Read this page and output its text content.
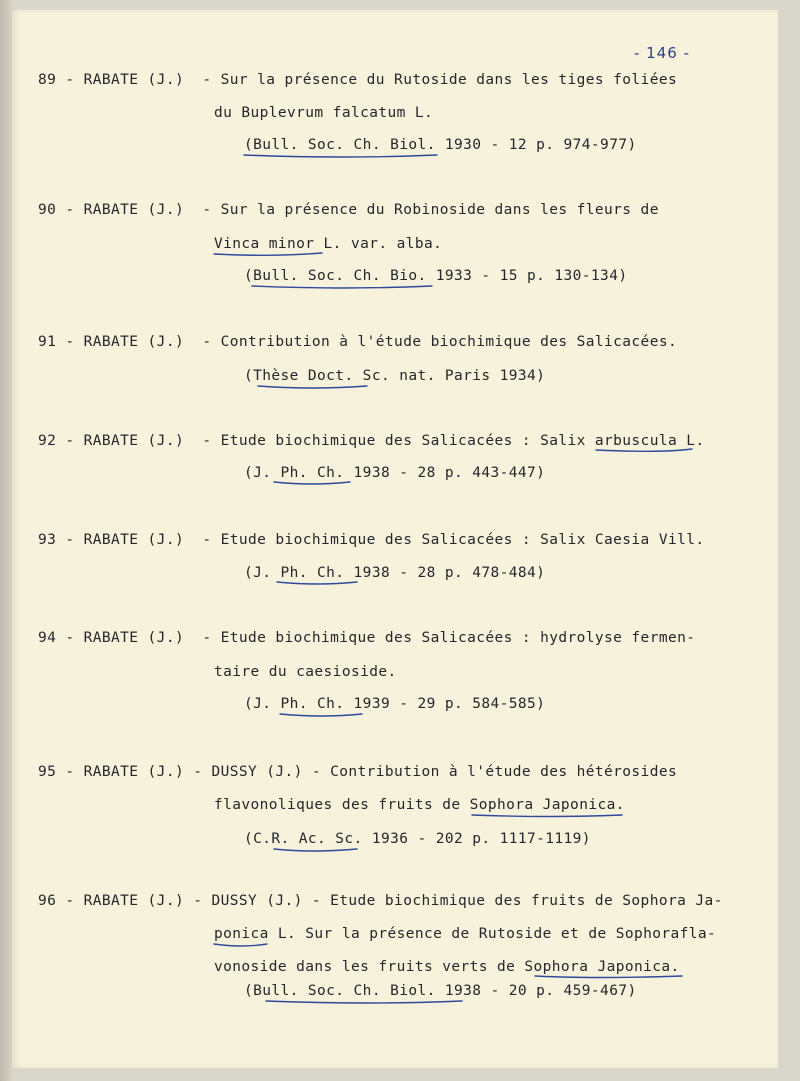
- 146 -
89 - RABATE (J.)  - Sur la présence du Rutoside dans les tiges foliées
du Buplevrum falcatum L.
(Bull. Soc. Ch. Biol. 1930 - 12 p. 974-977)
90 - RABATE (J.)  - Sur la présence du Robinoside dans les fleurs de
Vinca minor L. var. alba.
(Bull. Soc. Ch. Bio. 1933 - 15 p. 130-134)
91 - RABATE (J.)  - Contribution à l'étude biochimique des Salicacées.
(Thèse Doct. Sc. nat. Paris 1934)
92 - RABATE (J.)  - Etude biochimique des Salicacées : Salix arbuscula L.
(J. Ph. Ch. 1938 - 28 p. 443-447)
93 - RABATE (J.)  - Etude biochimique des Salicacées : Salix Caesia Vill.
(J. Ph. Ch. 1938 - 28 p. 478-484)
94 - RABATE (J.)  - Etude biochimique des Salicacées : hydrolyse fermen-
taire du caesioside.
(J. Ph. Ch. 1939 - 29 p. 584-585)
95 - RABATE (J.) - DUSSY (J.) - Contribution à l'étude des hétérosides
flavonoliques des fruits de Sophora Japonica.
(C.R. Ac. Sc. 1936 - 202 p. 1117-1119)
96 - RABATE (J.) - DUSSY (J.) - Etude biochimique des fruits de Sophora Ja-
ponica L. Sur la présence de Rutoside et de Sophorafla-
vonoside dans les fruits verts de Sophora Japonica.
(Bull. Soc. Ch. Biol. 1938 - 20 p. 459-467)
